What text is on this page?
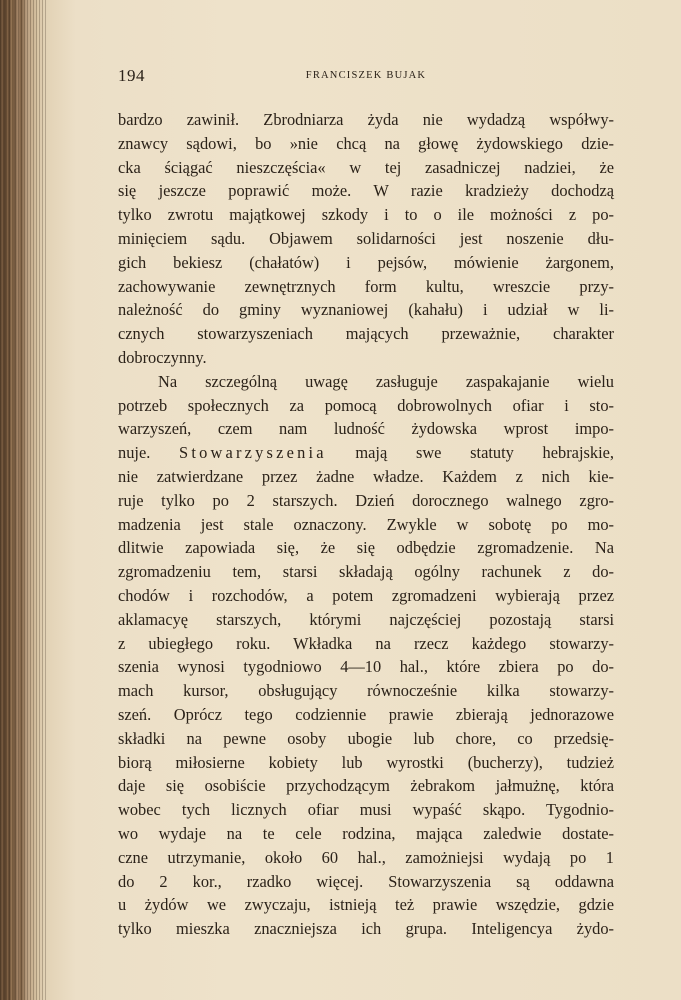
194	FRANCISZEK BUJAK
bardzo zawinił. Zbrodniarza żyda nie wydadzą współwy-
znawcy sądowi, bo »nie chcą na głowę żydowskiego dzie-
cka ściągać nieszczęścia« w tej zasadniczej nadziei, że
się jeszcze poprawić może. W razie kradzieży dochodzą
tylko zwrotu majątkowej szkody i to o ile możności z po-
minięciem sądu. Objawem solidarności jest noszenie dłu-
gich bekiesz (chałatów) i pejsów, mówienie żargonem,
zachowywanie zewnętrznych form kultu, wreszcie przy-
należność do gminy wyznaniowej (kahału) i udział w li-
cznych stowarzyszeniach mających przeważnie, charakter
dobroczynny.
Na szczególną uwagę zasługuje zaspakajanie wielu
potrzeb społecznych za pomocą dobrowolnych ofiar i sto-
warzyszeń, czem nam ludność żydowska wprost impo-
nuje. Stowarzyszenia mają swe statuty hebrajskie,
nie zatwierdzane przez żadne władze. Każdem z nich kie-
ruje tylko po 2 starszych. Dzień dorocznego walnego zgro-
madzenia jest stale oznaczony. Zwykle w sobotę po mo-
dlitwie zapowiada się, że się odbędzie zgromadzenie. Na
zgromadzeniu tem, starsi składają ogólny rachunek z do-
chodów i rozchodów, a potem zgromadzeni wybierają przez
aklamacyę starszych, którymi najczęściej pozostają starsi
z ubiegłego roku. Wkładka na rzecz każdego stowarzy-
szenia wynosi tygodniowo 4—10 hal., które zbiera po do-
mach kursor, obsługujący równocześnie kilka stowarzy-
szeń. Oprócz tego codziennie prawie zbierają jednorazowe
składki na pewne osoby ubogie lub chore, co przedsię-
biorą miłosierne kobiety lub wyrostki (bucherzy), tudzież
daje się osobiście przychodzącym żebrakom jałmużnę, która
wobec tych licznych ofiar musi wypaść skąpo. Tygodnio-
wo wydaje na te cele rodzina, mająca zaledwie dostate-
czne utrzymanie, około 60 hal., zamożniejsi wydają po 1
do 2 kor., rzadko więcej. Stowarzyszenia są oddawna
u żydów we zwyczaju, istnieją też prawie wszędzie, gdzie
tylko mieszka znaczniejsza ich grupa. Inteligencya żydo-
